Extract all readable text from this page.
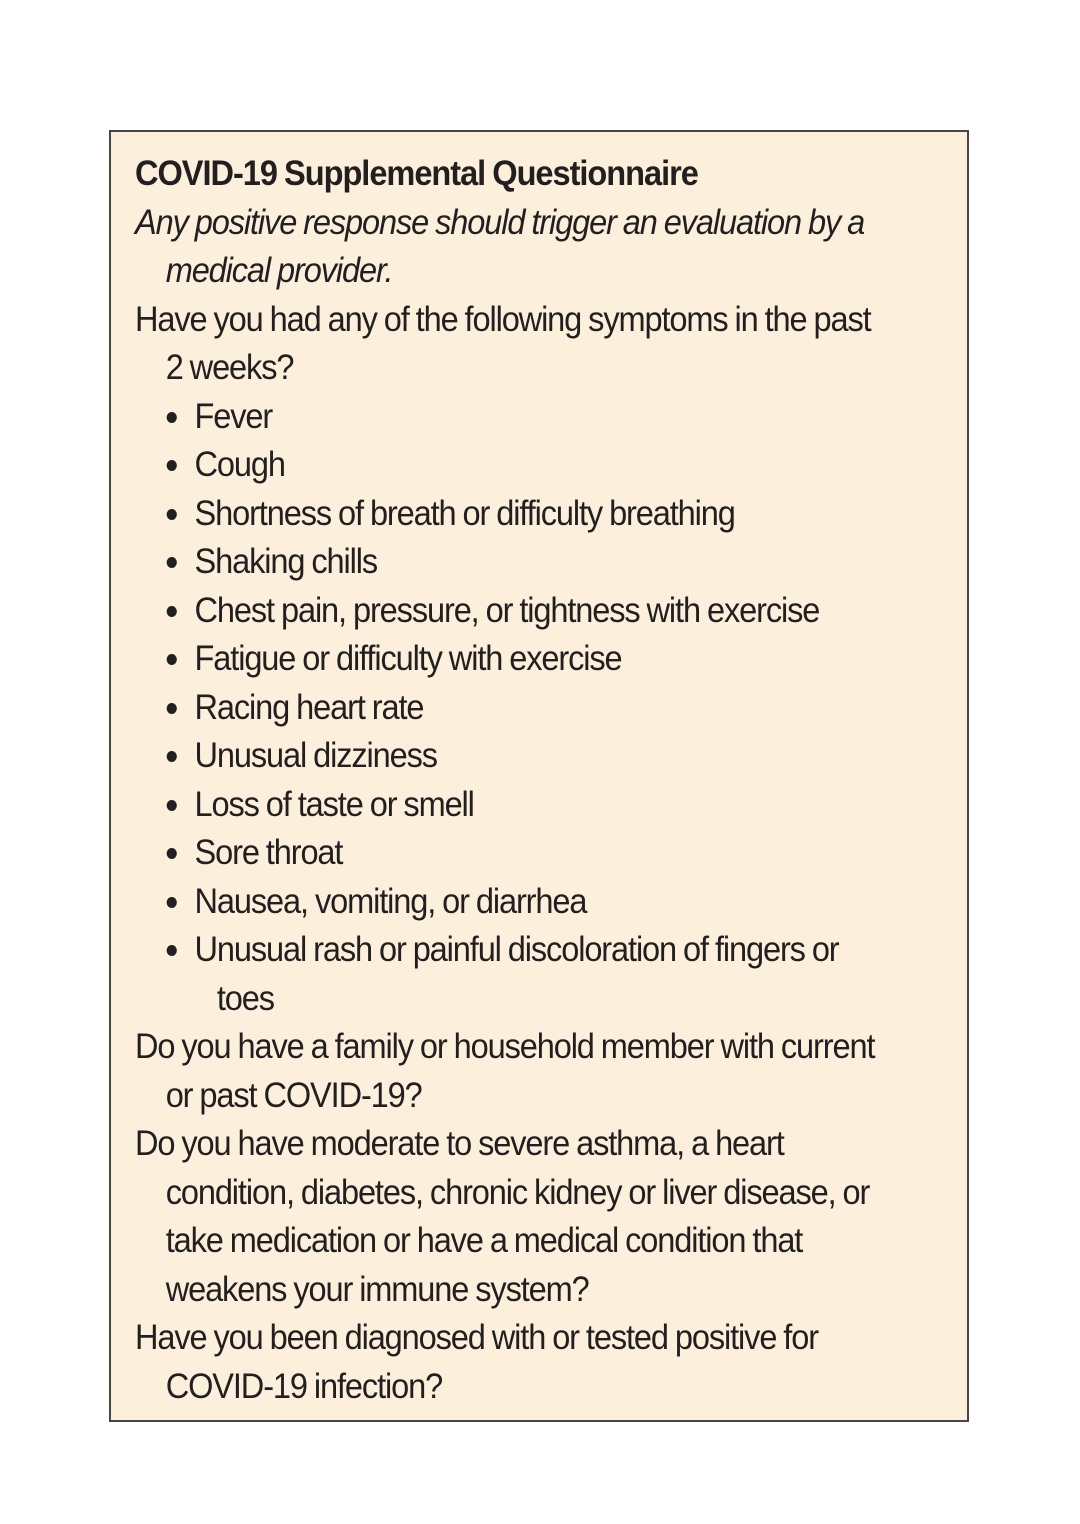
COVID-19 Supplemental Questionnaire

Any positive response should trigger an evaluation by a medical provider.

Have you had any of the following symptoms in the past 2 weeks?

Fever
Cough
Shortness of breath or difficulty breathing
Shaking chills
Chest pain, pressure, or tightness with exercise
Fatigue or difficulty with exercise
Racing heart rate
Unusual dizziness
Loss of taste or smell
Sore throat
Nausea, vomiting, or diarrhea
Unusual rash or painful discoloration of fingers or toes

Do you have a family or household member with current or past COVID-19?

Do you have moderate to severe asthma, a heart condition, diabetes, chronic kidney or liver disease, or take medication or have a medical condition that weakens your immune system?

Have you been diagnosed with or tested positive for COVID-19 infection?
